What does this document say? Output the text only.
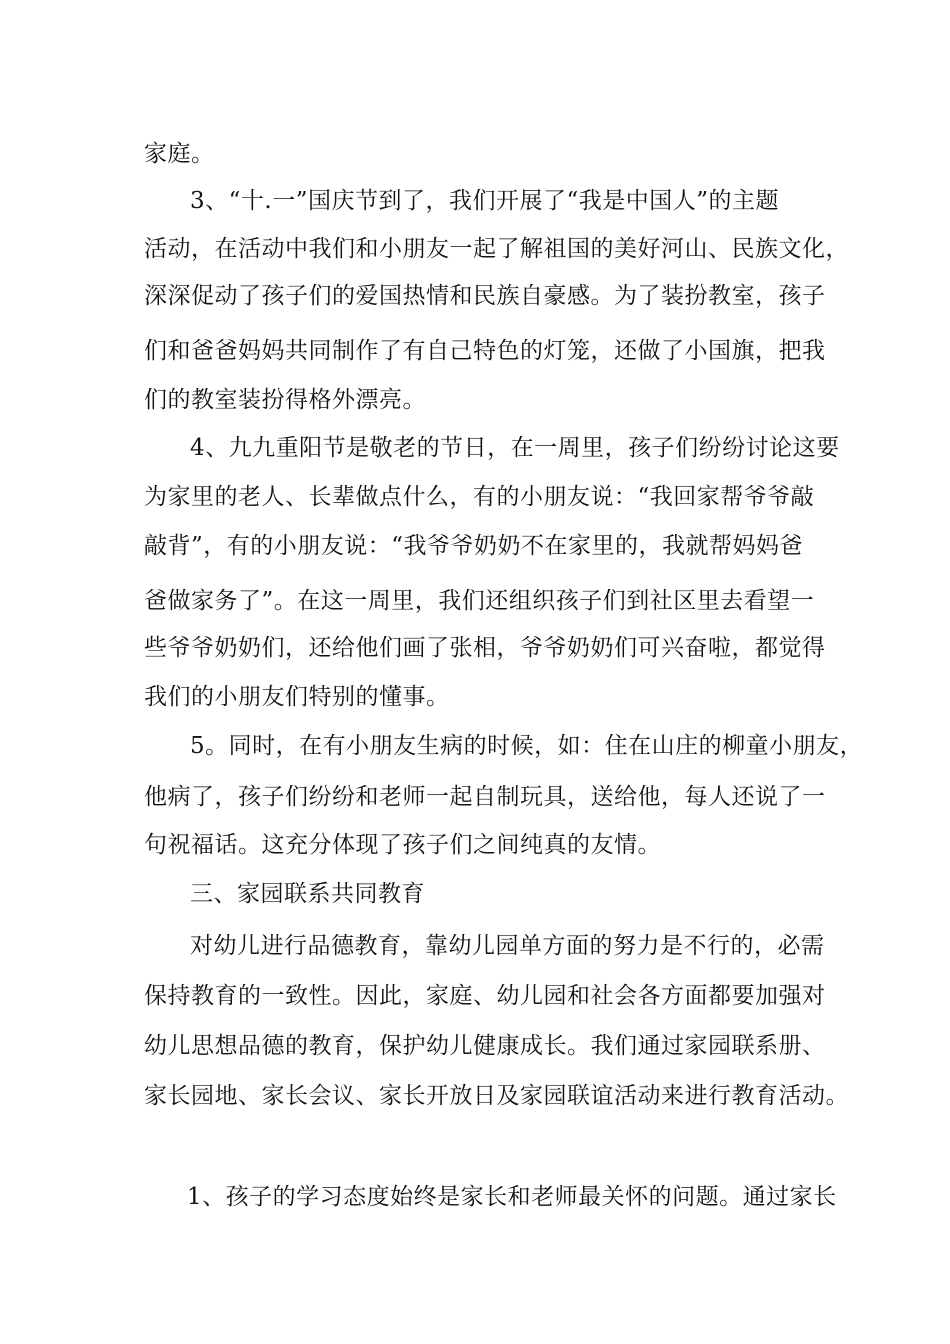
家庭。

3、“十.一”国庆节到了，我们开展了“我是中国人”的主题

活动，在活动中我们和小朋友一起了解祖国的美好河山、民族文化，

深深促动了孩子们的爱国热情和民族自豪感。为了装扮教室，孩子

们和爸爸妈妈共同制作了有自己特色的灯笼，还做了小国旗，把我

们的教室装扮得格外漂亮。

4、九九重阳节是敬老的节日，在一周里，孩子们纷纷讨论这要

为家里的老人、长辈做点什么，有的小朋友说：“我回家帮爷爷敲

敲背”，有的小朋友说：“我爷爷奶奶不在家里的，我就帮妈妈爸

爸做家务了”。在这一周里，我们还组织孩子们到社区里去看望一

些爷爷奶奶们，还给他们画了张相，爷爷奶奶们可兴奋啦，都觉得

我们的小朋友们特别的懂事。

5。同时，在有小朋友生病的时候，如：住在山庄的柳童小朋友，

他病了，孩子们纷纷和老师一起自制玩具，送给他，每人还说了一

句祝福话。这充分体现了孩子们之间纯真的友情。

三、家园联系共同教育

对幼儿进行品德教育，靠幼儿园单方面的努力是不行的，必需

保持教育的一致性。因此，家庭、幼儿园和社会各方面都要加强对

幼儿思想品德的教育，保护幼儿健康成长。我们通过家园联系册、

家长园地、家长会议、家长开放日及家园联谊活动来进行教育活动。

1、孩子的学习态度始终是家长和老师最关怀的问题。通过家长
